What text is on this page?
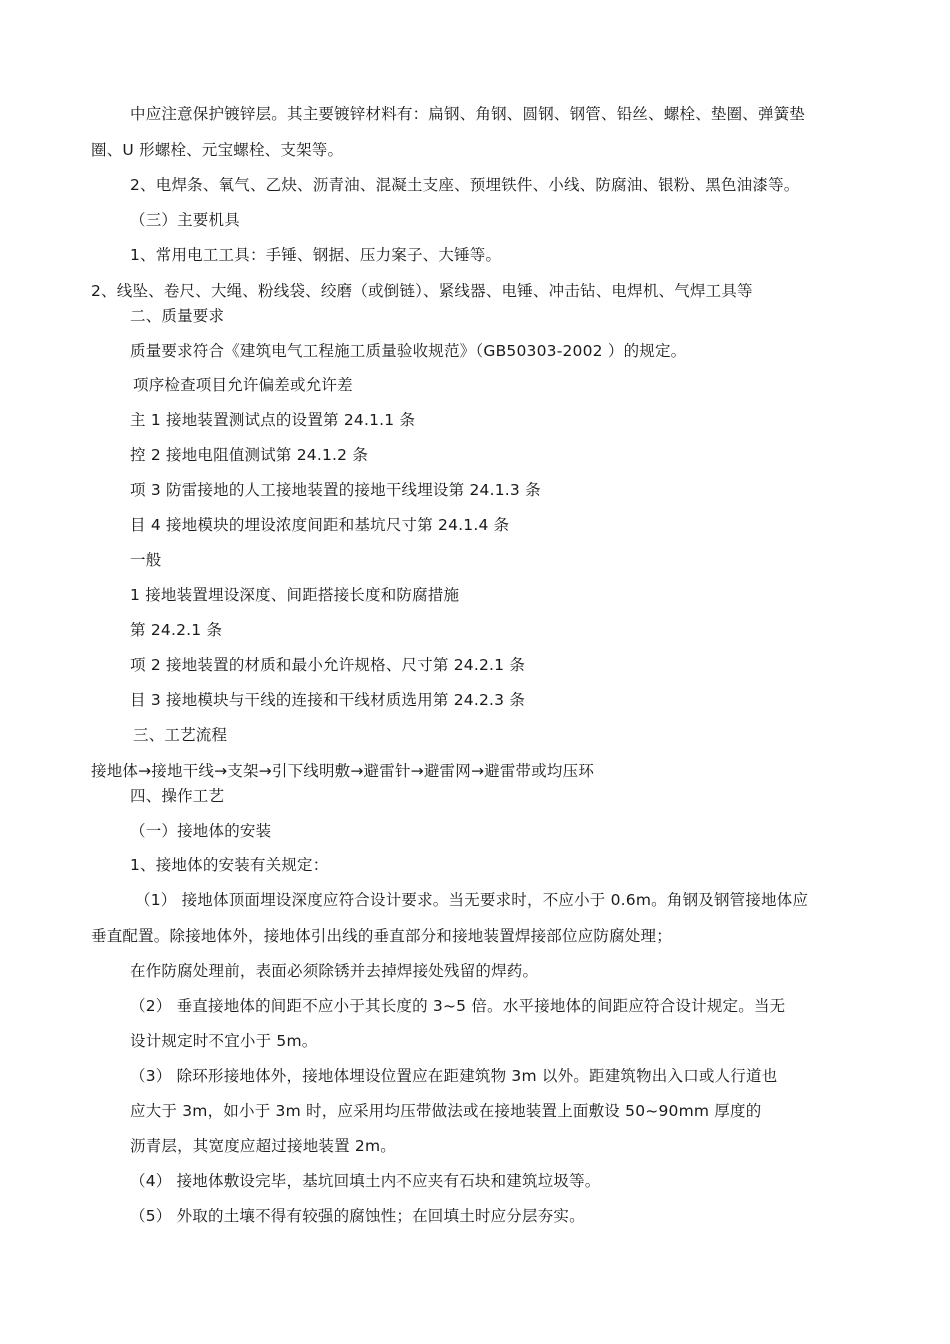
中应注意保护镀锌层。其主要镀锌材料有：扁钢、角钢、圆钢、钢管、铅丝、螺栓、垫圈、弹簧垫
圈、U 形螺栓、元宝螺栓、支架等。
2、电焊条、氧气、乙炔、沥青油、混凝土支座、预埋铁件、小线、防腐油、银粉、黑色油漆等。
（三）主要机具
1、常用电工工具：手锤、钢据、压力案子、大锤等。
2、线坠、卷尺、大绳、粉线袋、绞磨（或倒链）、紧线器、电锤、冲击钻、电焊机、气焊工具等
二、质量要求
质量要求符合《建筑电气工程施工质量验收规范》（GB50303-2002 ）的规定。
项序检查项目允许偏差或允许差
主 1 接地装置测试点的设置第 24.1.1 条
控 2 接地电阻值测试第 24.1.2 条
项 3 防雷接地的人工接地装置的接地干线埋设第 24.1.3 条
目 4 接地模块的埋设浓度间距和基坑尺寸第 24.1.4 条
一般
1 接地装置埋设深度、间距搭接长度和防腐措施
第 24.2.1 条
项 2 接地装置的材质和最小允许规格、尺寸第 24.2.1 条
目 3 接地模块与干线的连接和干线材质选用第 24.2.3 条
三、工艺流程
接地体→接地干线→支架→引下线明敷→避雷针→避雷网→避雷带或均压环
四、操作工艺
（一）接地体的安装
1、接地体的安装有关规定：
（1） 接地体顶面埋设深度应符合设计要求。当无要求时，不应小于 0.6m。角钢及钢管接地体应
垂直配置。除接地体外，接地体引出线的垂直部分和接地装置焊接部位应防腐处理；
在作防腐处理前，表面必须除锈并去掉焊接处残留的焊药。
（2） 垂直接地体的间距不应小于其长度的 3~5 倍。水平接地体的间距应符合设计规定。当无
设计规定时不宜小于 5m。
（3） 除环形接地体外，接地体埋设位置应在距建筑物 3m 以外。距建筑物出入口或人行道也
应大于 3m，如小于 3m 时，应采用均压带做法或在接地装置上面敷设 50~90mm 厚度的
沥青层，其宽度应超过接地装置 2m。
（4） 接地体敷设完毕，基坑回填土内不应夹有石块和建筑垃圾等。
（5） 外取的土壤不得有较强的腐蚀性；在回填土时应分层夯实。
